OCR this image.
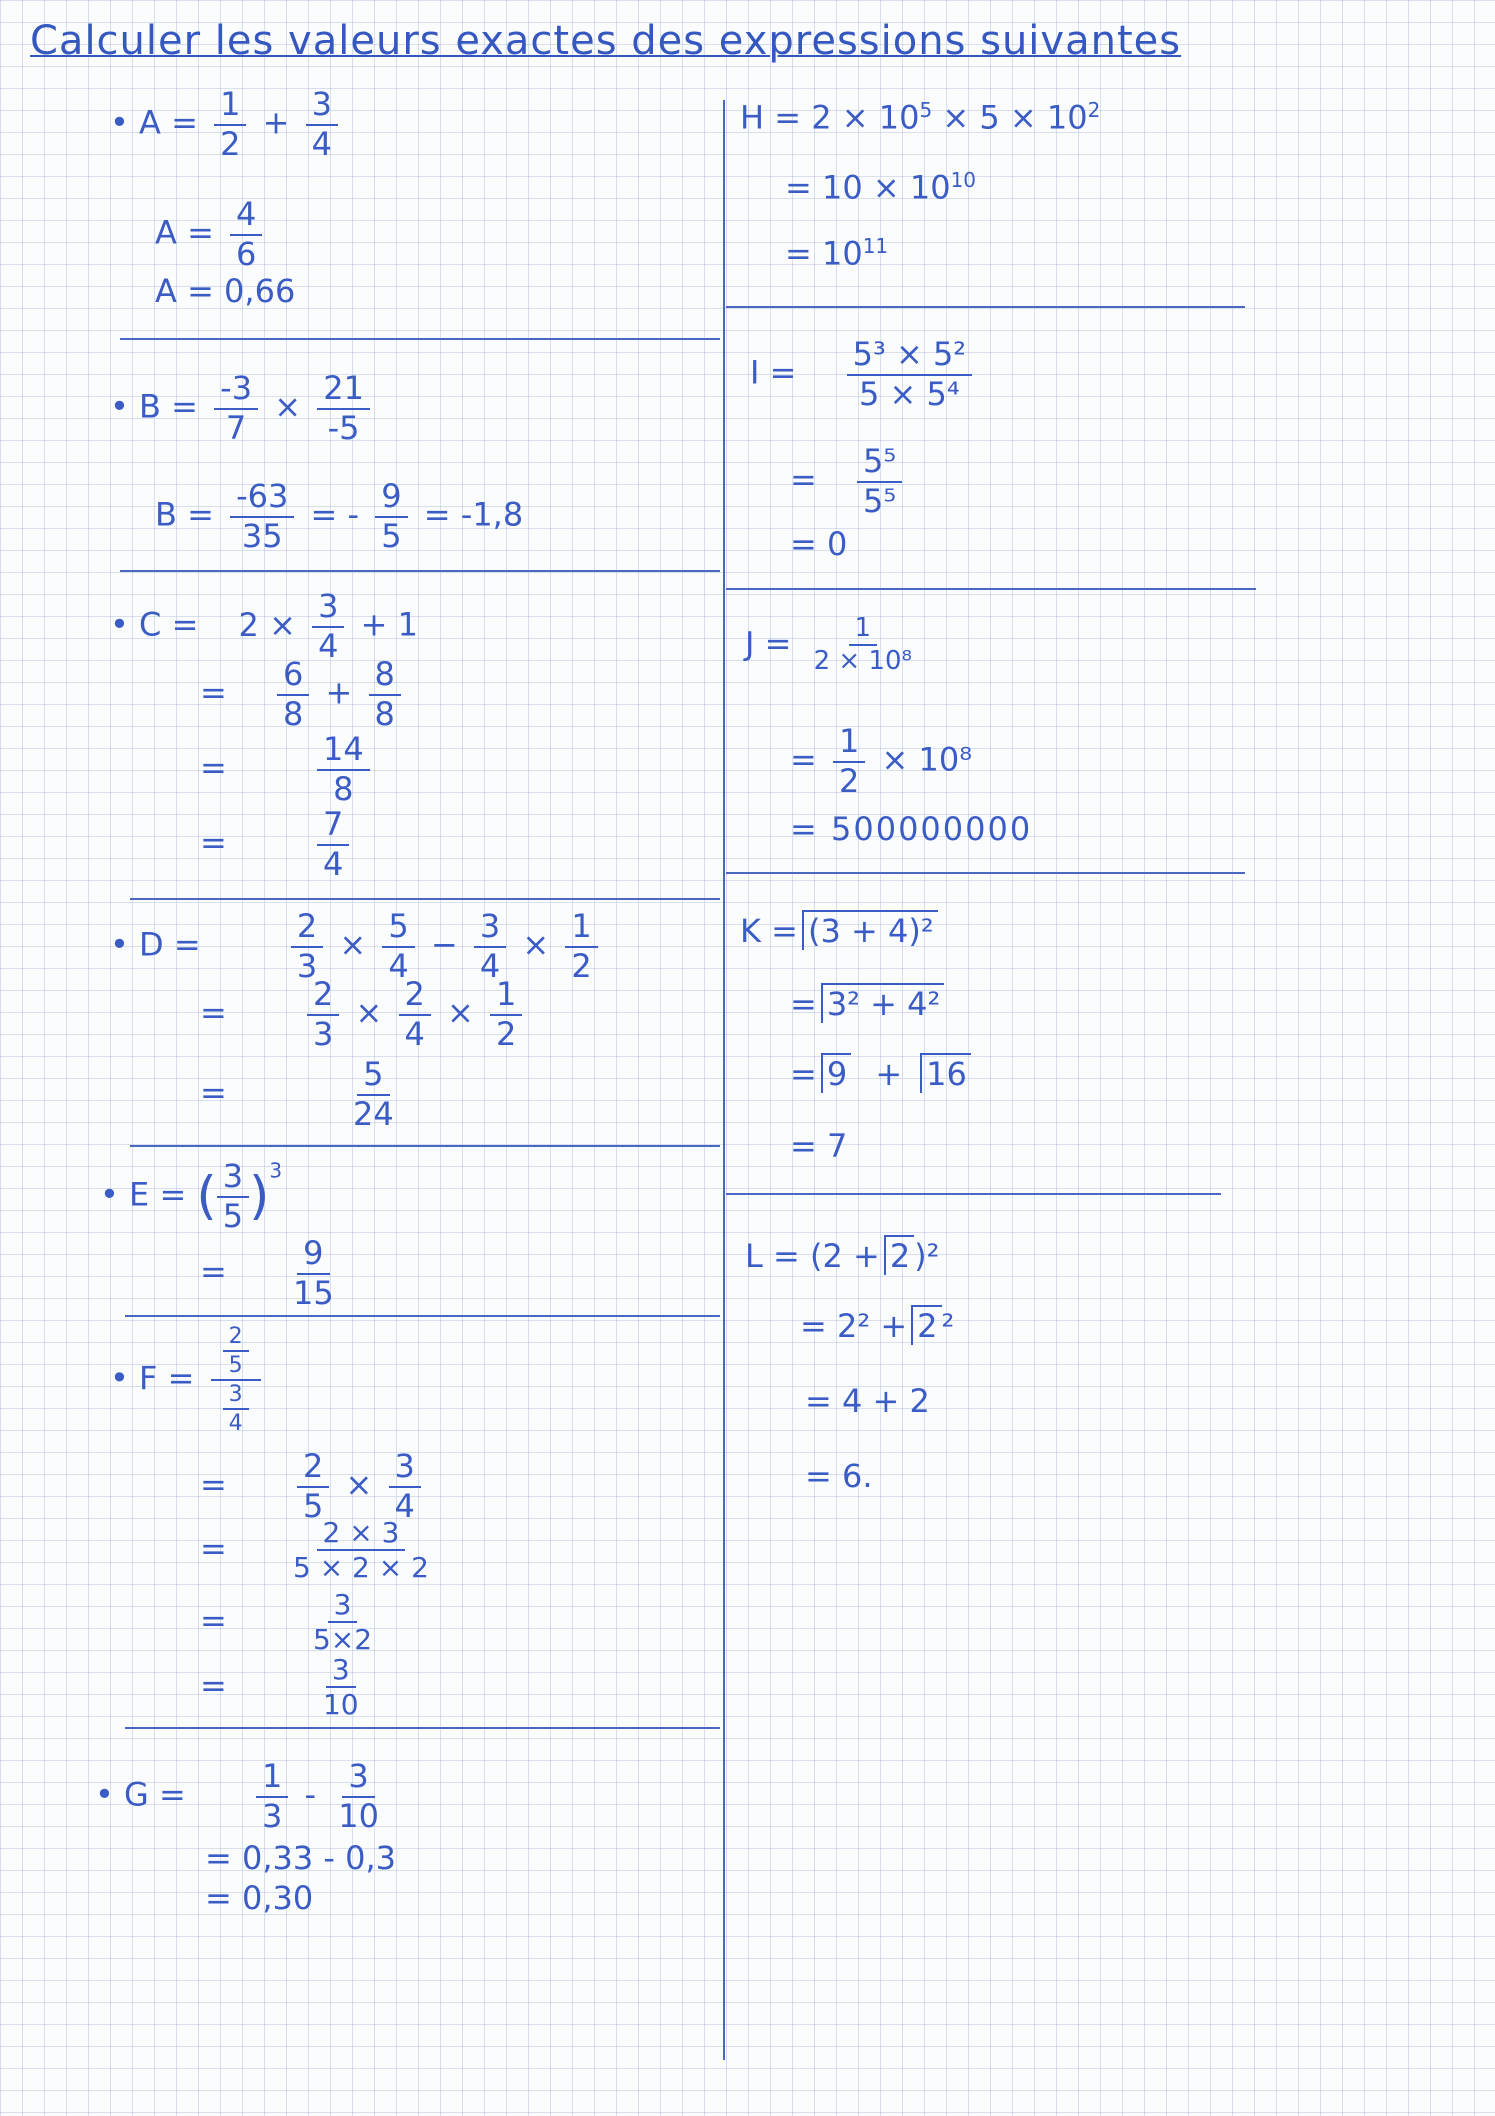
Calculer les valeurs exactes des expressions suivantes
• $A = \frac{1}{2} + \frac{3}{4}$
$A = \frac{4}{6}$
A = 0,66
• $B = \frac{-3}{7} \times \frac{21}{-5}$
$B = \frac{-63}{35}$ = - $\frac{9}{5} = -1,8$
• $C = 2 \times \frac{3}{4} + 1$
= $\frac{6}{8} + \frac{8}{8}$
=	$\frac{14}{8}$
=	$\frac{7}{4}$
• D =	$\frac{2}{3} \times \frac{5}{4} - \frac{3}{4} \times \frac{1}{2}$
=	$\frac{2}{3} \times \frac{2}{4} \times \frac{1}{2}$
=	$\frac{5}{24}$
• E = ( $\frac{3}{5} )^3$
= $\frac{9}{15}$
• $F = \frac{\frac{2}{5}}{\frac{3}{4}}$
= $\frac{2}{5} \times \frac{3}{4}$
= $\frac{2 \times 3}{5 \times 2 \times 2}$
=	$\frac{3}{5\times 2}$
=	$\frac{3}{10}$
• $G = \frac{1}{3} - \frac{3}{10}$
= 0,33 - 0,3
= 0,30
$H = 2 \times 10^5 \times 5 \times 10^2$
= $10 \times 10^{10}$
= $10^{11}$
$I = \frac{\text{5³ × 5²}}{\text{5 × 5⁴}}$
= $\frac{\text{5⁵}}{\text{5⁵}}$
= 0
$J = \frac{1}{\text{2 × 10⁸}}$
= $\frac{1}{2} \times 10^8$
= 500000000
K = (3 + 4)²
= 3² + 4²
= 9 + 16
= 7
L = (2 + 2 )²
= 2² + 2 ²
= 4 + 2
= 6.
